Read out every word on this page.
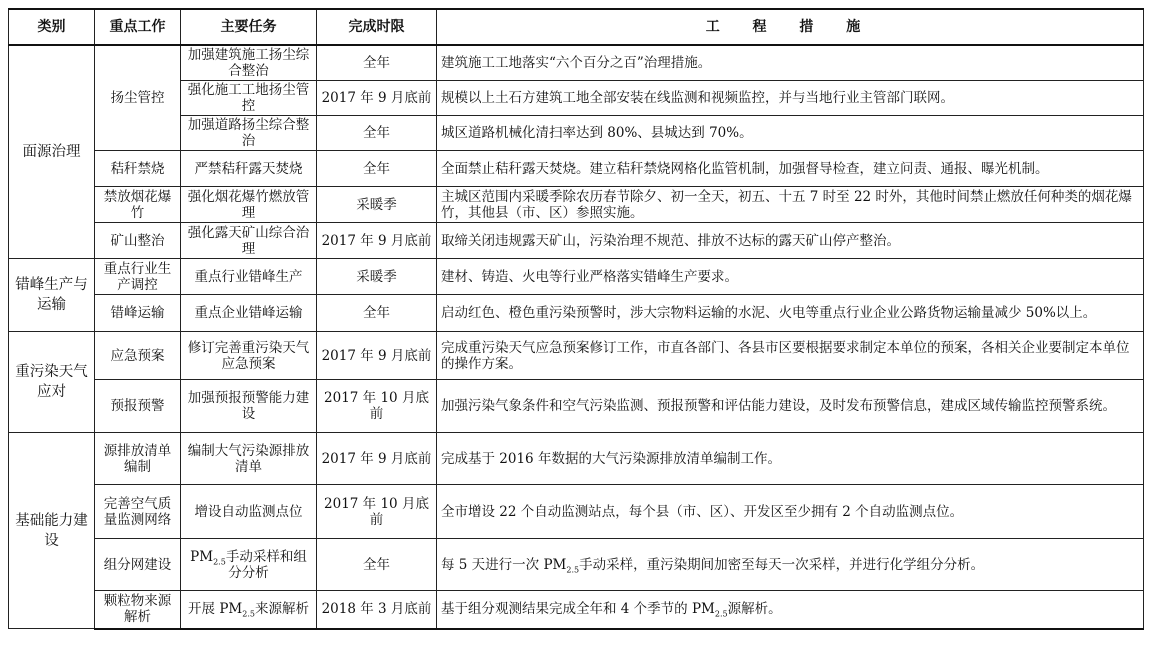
类别	重点工作	主要任务	完成时限	工 程 措 施
面源治理	扬尘管控	加强建筑施工扬尘综合整治	全年	建筑施工工地落实“六个百分之百”治理措施。
		强化施工工地扬尘管控	2017 年 9 月底前	规模以上土石方建筑工地全部安装在线监测和视频监控，并与当地行业主管部门联网。
		加强道路扬尘综合整治	全年	城区道路机械化清扫率达到 80%、县城达到 70%。
	秸秆禁烧	严禁秸秆露天焚烧	全年	全面禁止秸秆露天焚烧。建立秸秆禁烧网格化监管机制，加强督导检查，建立问责、通报、曝光机制。
	禁放烟花爆竹	强化烟花爆竹燃放管理	采暖季	主城区范围内采暖季除农历春节除夕、初一全天，初五、十五 7 时至 22 时外，其他时间禁止燃放任何种类的烟花爆竹，其他县（市、区）参照实施。
	矿山整治	强化露天矿山综合治理	2017 年 9 月底前	取缔关闭违规露天矿山，污染治理不规范、排放不达标的露天矿山停产整治。
错峰生产与运输	重点行业生产调控	重点行业错峰生产	采暖季	建材、铸造、火电等行业严格落实错峰生产要求。
	错峰运输	重点企业错峰运输	全年	启动红色、橙色重污染预警时，涉大宗物料运输的水泥、火电等重点行业企业公路货物运输量减少 50%以上。
重污染天气应对	应急预案	修订完善重污染天气应急预案	2017 年 9 月底前	完成重污染天气应急预案修订工作，市直各部门、各县市区要根据要求制定本单位的预案，各相关企业要制定本单位的操作方案。
	预报预警	加强预报预警能力建设	2017 年 10 月底前	加强污染气象条件和空气污染监测、预报预警和评估能力建设，及时发布预警信息，建成区域传输监控预警系统。
基础能力建设	源排放清单编制	编制大气污染源排放清单	2017 年 9 月底前	完成基于 2016 年数据的大气污染源排放清单编制工作。
	完善空气质量监测网络	增设自动监测点位	2017 年 10 月底前	全市增设 22 个自动监测站点，每个县（市、区）、开发区至少拥有 2 个自动监测点位。
	组分网建设	$PM_{2.5}$手动采样和组分分析	全年	每 5 天进行一次 $PM_{2.5}$手动采样，重污染期间加密至每天一次采样，并进行化学组分分析。
	颗粒物来源解析	开展 $PM_{2.5}$来源解析	2018 年 3 月底前	基于组分观测结果完成全年和 4 个季节的 $PM_{2.5}$源解析。
